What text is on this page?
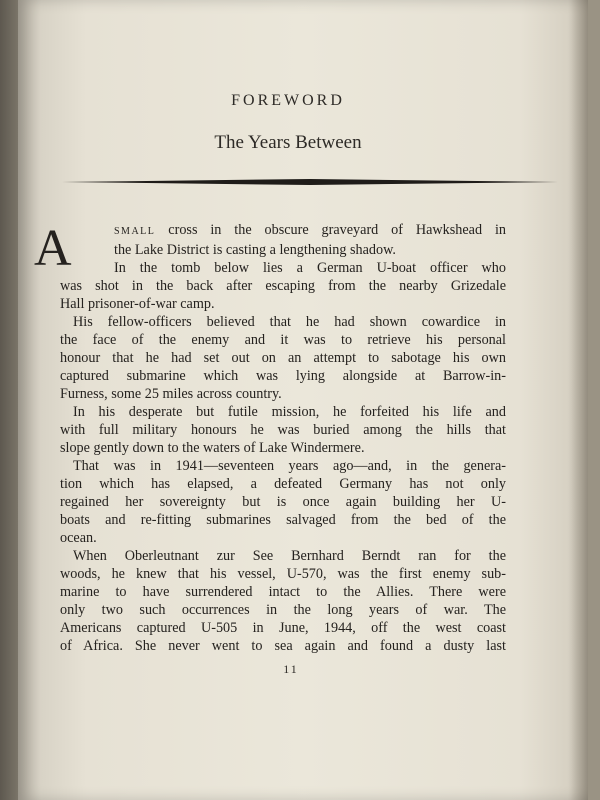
FOREWORD
The Years Between
A	SMALL cross in the obscure graveyard of Hawkshead in
the Lake District is casting a lengthening shadow.
In the tomb below lies a German U-boat officer who
was shot in the back after escaping from the nearby Grizedale
Hall prisoner-of-war camp.
His fellow-officers believed that he had shown cowardice in
the face of the enemy and it was to retrieve his personal
honour that he had set out on an attempt to sabotage his own
captured submarine which was lying alongside at Barrow-in-
Furness, some 25 miles across country.
In his desperate but futile mission, he forfeited his life and
with full military honours he was buried among the hills that
slope gently down to the waters of Lake Windermere.
That was in 1941—seventeen years ago—and, in the genera-
tion which has elapsed, a defeated Germany has not only
regained her sovereignty but is once again building her U-
boats and re-fitting submarines salvaged from the bed of the
ocean.
When Oberleutnant zur See Bernhard Berndt ran for the
woods, he knew that his vessel, U-570, was the first enemy sub-
marine to have surrendered intact to the Allies. There were
only two such occurrences in the long years of war. The
Americans captured U-505 in June, 1944, off the west coast
of Africa. She never went to sea again and found a dusty last
11
